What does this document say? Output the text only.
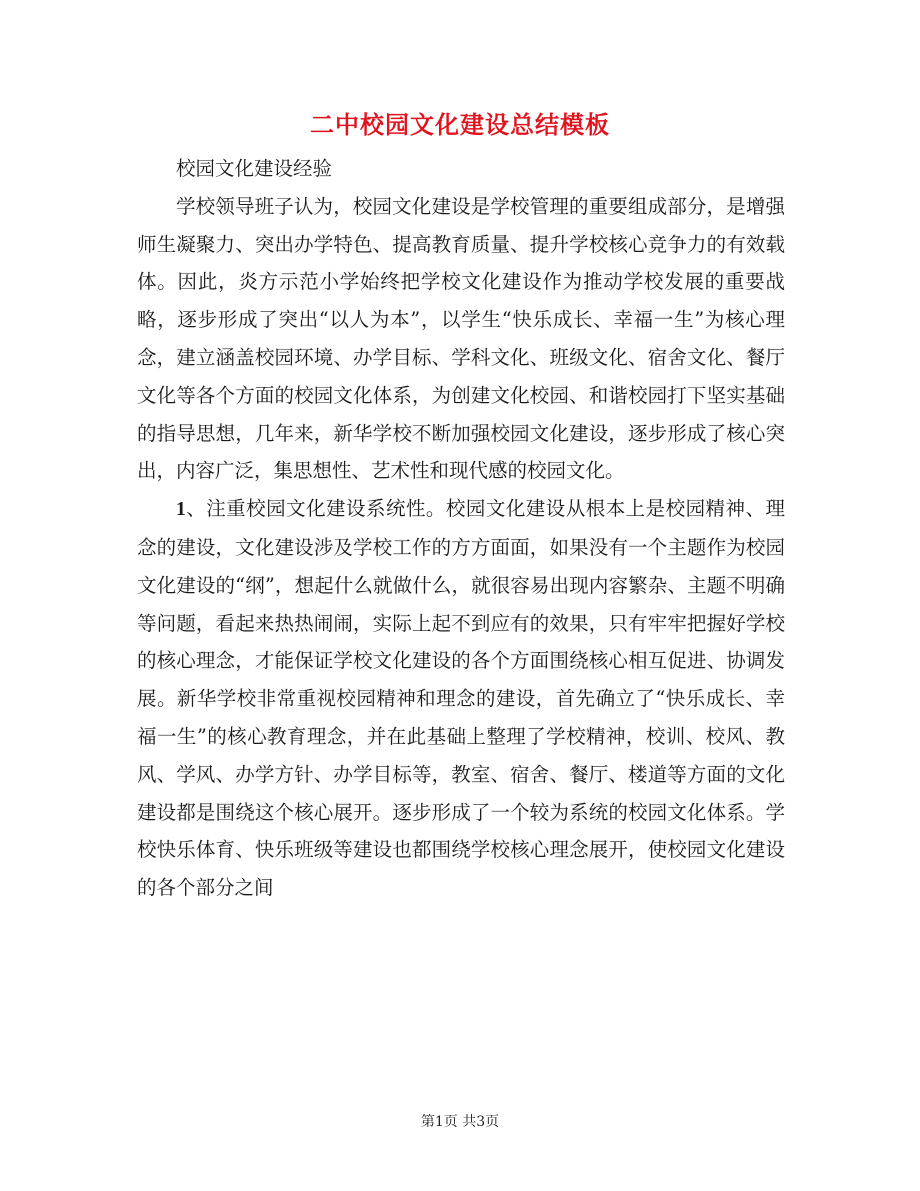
二中校园文化建设总结模板

校园文化建设经验

学校领导班子认为，校园文化建设是学校管理的重要组成部分，是增强师生凝聚力、突出办学特色、提高教育质量、提升学校核心竞争力的有效载体。因此，炎方示范小学始终把学校文化建设作为推动学校发展的重要战略，逐步形成了突出“以人为本”，以学生“快乐成长、幸福一生”为核心理念，建立涵盖校园环境、办学目标、学科文化、班级文化、宿舍文化、餐厅文化等各个方面的校园文化体系，为创建文化校园、和谐校园打下坚实基础的指导思想，几年来，新华学校不断加强校园文化建设，逐步形成了核心突出，内容广泛，集思想性、艺术性和现代感的校园文化。

1、注重校园文化建设系统性。校园文化建设从根本上是校园精神、理念的建设，文化建设涉及学校工作的方方面面，如果没有一个主题作为校园文化建设的“纲”，想起什么就做什么，就很容易出现内容繁杂、主题不明确等问题，看起来热热闹闹，实际上起不到应有的效果，只有牢牢把握好学校的核心理念，才能保证学校文化建设的各个方面围绕核心相互促进、协调发展。新华学校非常重视校园精神和理念的建设，首先确立了“快乐成长、幸福一生”的核心教育理念，并在此基础上整理了学校精神，校训、校风、教风、学风、办学方针、办学目标等，教室、宿舍、餐厅、楼道等方面的文化建设都是围绕这个核心展开。逐步形成了一个较为系统的校园文化体系。学校快乐体育、快乐班级等建设也都围绕学校核心理念展开，使校园文化建设的各个部分之间

第1页 共3页
